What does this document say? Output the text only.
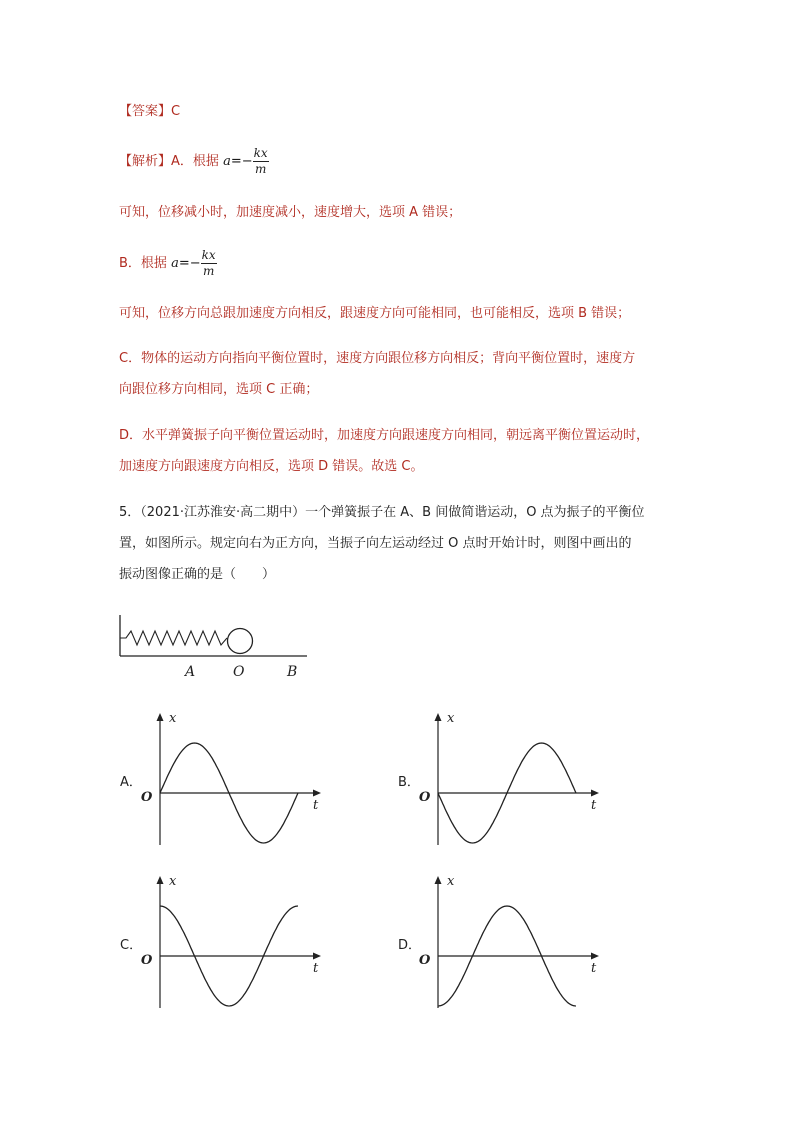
【答案】C
【解析】A．根据 $a=- \frac{kx}{m}$
可知，位移减小时，加速度减小，速度增大，选项 A 错误；
B．根据 $a=- \frac{kx}{m}$
可知，位移方向总跟加速度方向相反，跟速度方向可能相同，也可能相反，选项 B 错误；
C．物体的运动方向指向平衡位置时，速度方向跟位移方向相反；背向平衡位置时，速度方
向跟位移方向相同，选项 C 正确；
D．水平弹簧振子向平衡位置运动时，加速度方向跟速度方向相同，朝远离平衡位置运动时，
加速度方向跟速度方向相反，选项 D 错误。故选 C。
5．（2021·江苏淮安·高二期中）一个弹簧振子在 A、B 间做简谐运动，O 点为振子的平衡位
置，如图所示。规定向右为正方向，当振子向左运动经过 O 点时开始计时，则图中画出的
振动图像正确的是（　　）
A	O	B
A．
x
t
O
B．
x
t
O
C．
x
t
O
D．
x
t
O
